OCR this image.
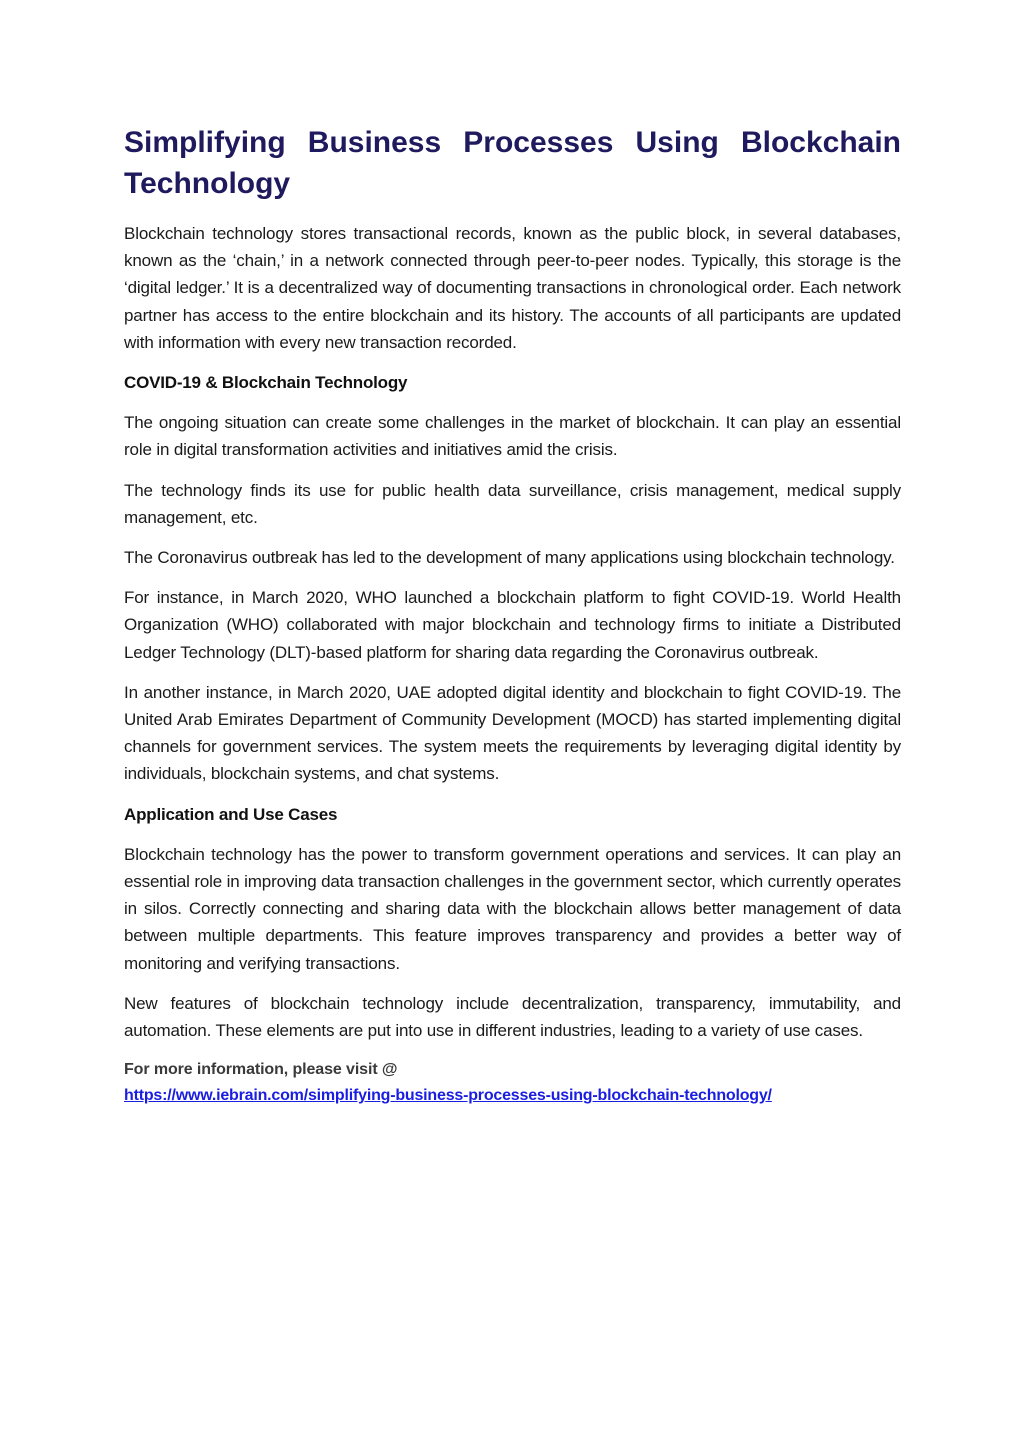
Simplifying Business Processes Using Blockchain Technology

Blockchain technology stores transactional records, known as the public block, in several databases, known as the ‘chain,’ in a network connected through peer-to-peer nodes. Typically, this storage is the ‘digital ledger.’ It is a decentralized way of documenting transactions in chronological order. Each network partner has access to the entire blockchain and its history. The accounts of all participants are updated with information with every new transaction recorded.

COVID-19 & Blockchain Technology

The ongoing situation can create some challenges in the market of blockchain. It can play an essential role in digital transformation activities and initiatives amid the crisis.

The technology finds its use for public health data surveillance, crisis management, medical supply management, etc.

The Coronavirus outbreak has led to the development of many applications using blockchain technology.

For instance, in March 2020, WHO launched a blockchain platform to fight COVID-19. World Health Organization (WHO) collaborated with major blockchain and technology firms to initiate a Distributed Ledger Technology (DLT)-based platform for sharing data regarding the Coronavirus outbreak.

In another instance, in March 2020, UAE adopted digital identity and blockchain to fight COVID-19. The United Arab Emirates Department of Community Development (MOCD) has started implementing digital channels for government services. The system meets the requirements by leveraging digital identity by individuals, blockchain systems, and chat systems.

Application and Use Cases

Blockchain technology has the power to transform government operations and services. It can play an essential role in improving data transaction challenges in the government sector, which currently operates in silos. Correctly connecting and sharing data with the blockchain allows better management of data between multiple departments. This feature improves transparency and provides a better way of monitoring and verifying transactions.

New features of blockchain technology include decentralization, transparency, immutability, and automation. These elements are put into use in different industries, leading to a variety of use cases.

For more information, please visit @
https://www.iebrain.com/simplifying-business-processes-using-blockchain-technology/
